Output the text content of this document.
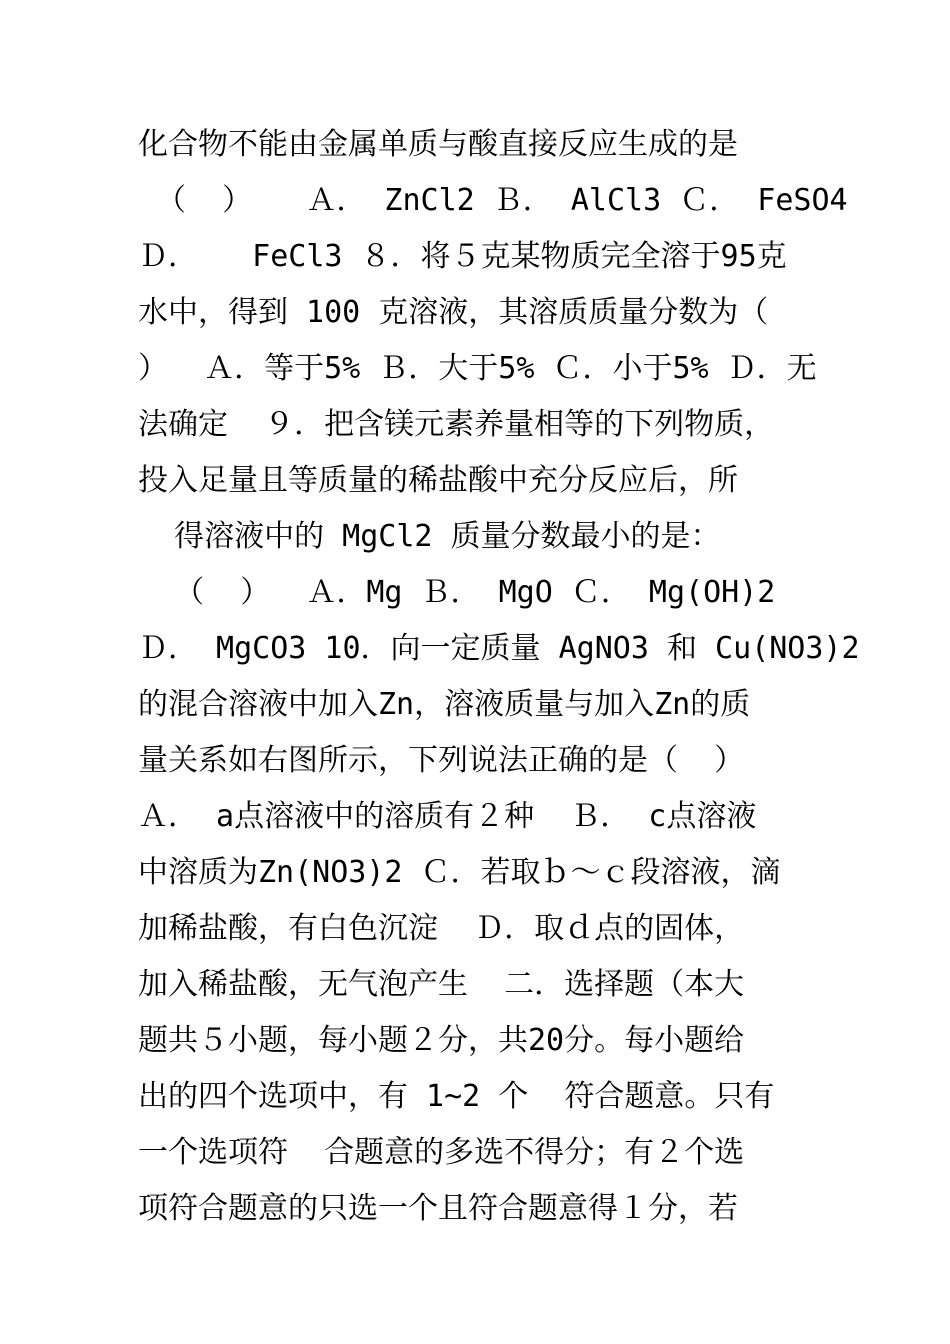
化合物不能由金属单质与酸直接反应生成的是
（  ）   Ａ． ZnCl2 Ｂ． AlCl3 Ｃ． FeSO4
Ｄ．   FeCl3 ８．将５克某物质完全溶于95克
水中，得到 100 克溶液，其溶质质量分数为（
）  Ａ．等于5% Ｂ．大于5% Ｃ．小于5% Ｄ．无
法确定  ９．把含镁元素养量相等的下列物质，
投入足量且等质量的稀盐酸中充分反应后，所
得溶液中的 MgCl2 质量分数最小的是：
（  ）  Ａ．Mg Ｂ． MgO Ｃ． Mg(OH)2
Ｄ． MgCO3 10．向一定质量 AgNO3 和 Cu(NO3)2
的混合溶液中加入Zn，溶液质量与加入Zn的质
量关系如右图所示，下列说法正确的是（  ）
Ａ． a点溶液中的溶质有２种  Ｂ． c点溶液
中溶质为Zn(NO3)2 Ｃ．若取ｂ～ｃ段溶液，滴
加稀盐酸，有白色沉淀  Ｄ．取ｄ点的固体，
加入稀盐酸，无气泡产生  二．选择题（本大
题共５小题，每小题２分，共20分。每小题给
出的四个选项中，有 1~2 个  符合题意。只有
一个选项符  合题意的多选不得分；有２个选
项符合题意的只选一个且符合题意得１分，若
